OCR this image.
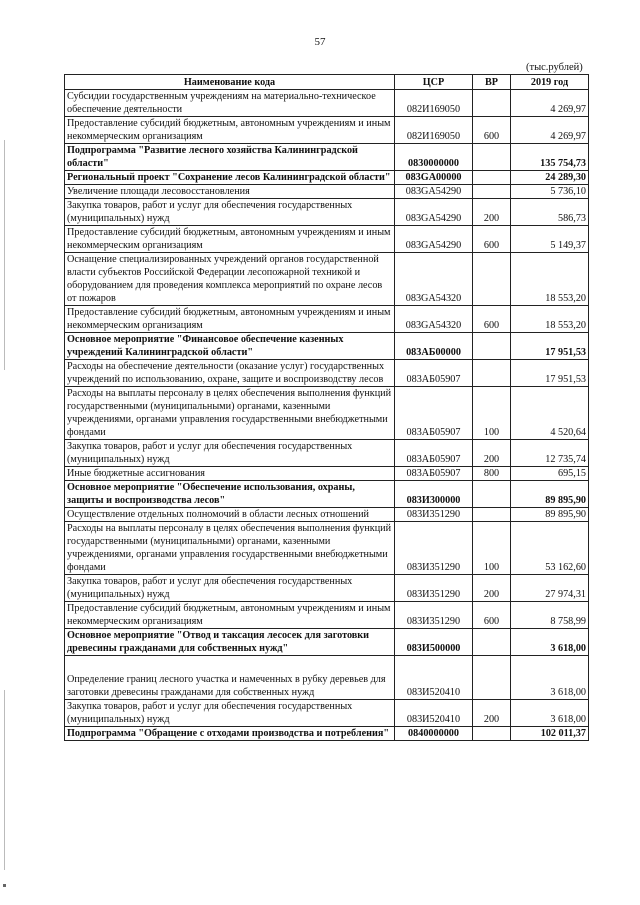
57
(тыс.рублей)
Наименование кода	ЦСР	ВР	2019 год
Субсидии государственным учреждениям на материально-техническое обеспечение деятельности	082И169050		4 269,97
Предоставление субсидий бюджетным, автономным учреждениям и иным некоммерческим организациям	082И169050	600	4 269,97
Подпрограмма "Развитие лесного хозяйства Калининградской области"	0830000000		135 754,73
Региональный проект "Сохранение лесов Калининградской области"	083GA00000		24 289,30
Увеличение площади лесовосстановления	083GA54290		5 736,10
Закупка товаров, работ и услуг для обеспечения государственных (муниципальных) нужд	083GA54290	200	586,73
Предоставление субсидий бюджетным, автономным учреждениям и иным некоммерческим организациям	083GA54290	600	5 149,37
Оснащение специализированных учреждений органов государственной власти субъектов Российской Федерации лесопожарной техникой и оборудованием для проведения комплекса мероприятий по охране лесов от пожаров	083GA54320		18 553,20
Предоставление субсидий бюджетным, автономным учреждениям и иным некоммерческим организациям	083GA54320	600	18 553,20
Основное мероприятие "Финансовое обеспечение казенных учреждений Калининградской области"	083АБ00000		17 951,53
Расходы на обеспечение деятельности (оказание услуг) государственных учреждений по использованию, охране, защите и воспроизводству лесов	083АБ05907		17 951,53
Расходы на выплаты персоналу в целях обеспечения выполнения функций государственными (муниципальными) органами, казенными учреждениями, органами управления государственными внебюджетными фондами	083АБ05907	100	4 520,64
Закупка товаров, работ и услуг для обеспечения государственных (муниципальных) нужд	083АБ05907	200	12 735,74
Иные бюджетные ассигнования	083АБ05907	800	695,15
Основное мероприятие "Обеспечение использования, охраны, защиты и воспроизводства лесов"	083И300000		89 895,90
Осуществление отдельных полномочий в области лесных отношений	083И351290		89 895,90
Расходы на выплаты персоналу в целях обеспечения выполнения функций государственными (муниципальными) органами, казенными учреждениями, органами управления государственными внебюджетными фондами	083И351290	100	53 162,60
Закупка товаров, работ и услуг для обеспечения государственных (муниципальных) нужд	083И351290	200	27 974,31
Предоставление субсидий бюджетным, автономным учреждениям и иным некоммерческим организациям	083И351290	600	8 758,99
Основное мероприятие "Отвод и таксация лесосек для заготовки древесины гражданами для собственных нужд"	083И500000		3 618,00
Определение границ лесного участка и намеченных в рубку деревьев для заготовки древесины гражданами для собственных нужд	083И520410		3 618,00
Закупка товаров, работ и услуг для обеспечения государственных (муниципальных) нужд	083И520410	200	3 618,00
Подпрограмма "Обращение с отходами производства и потребления"	0840000000		102 011,37
